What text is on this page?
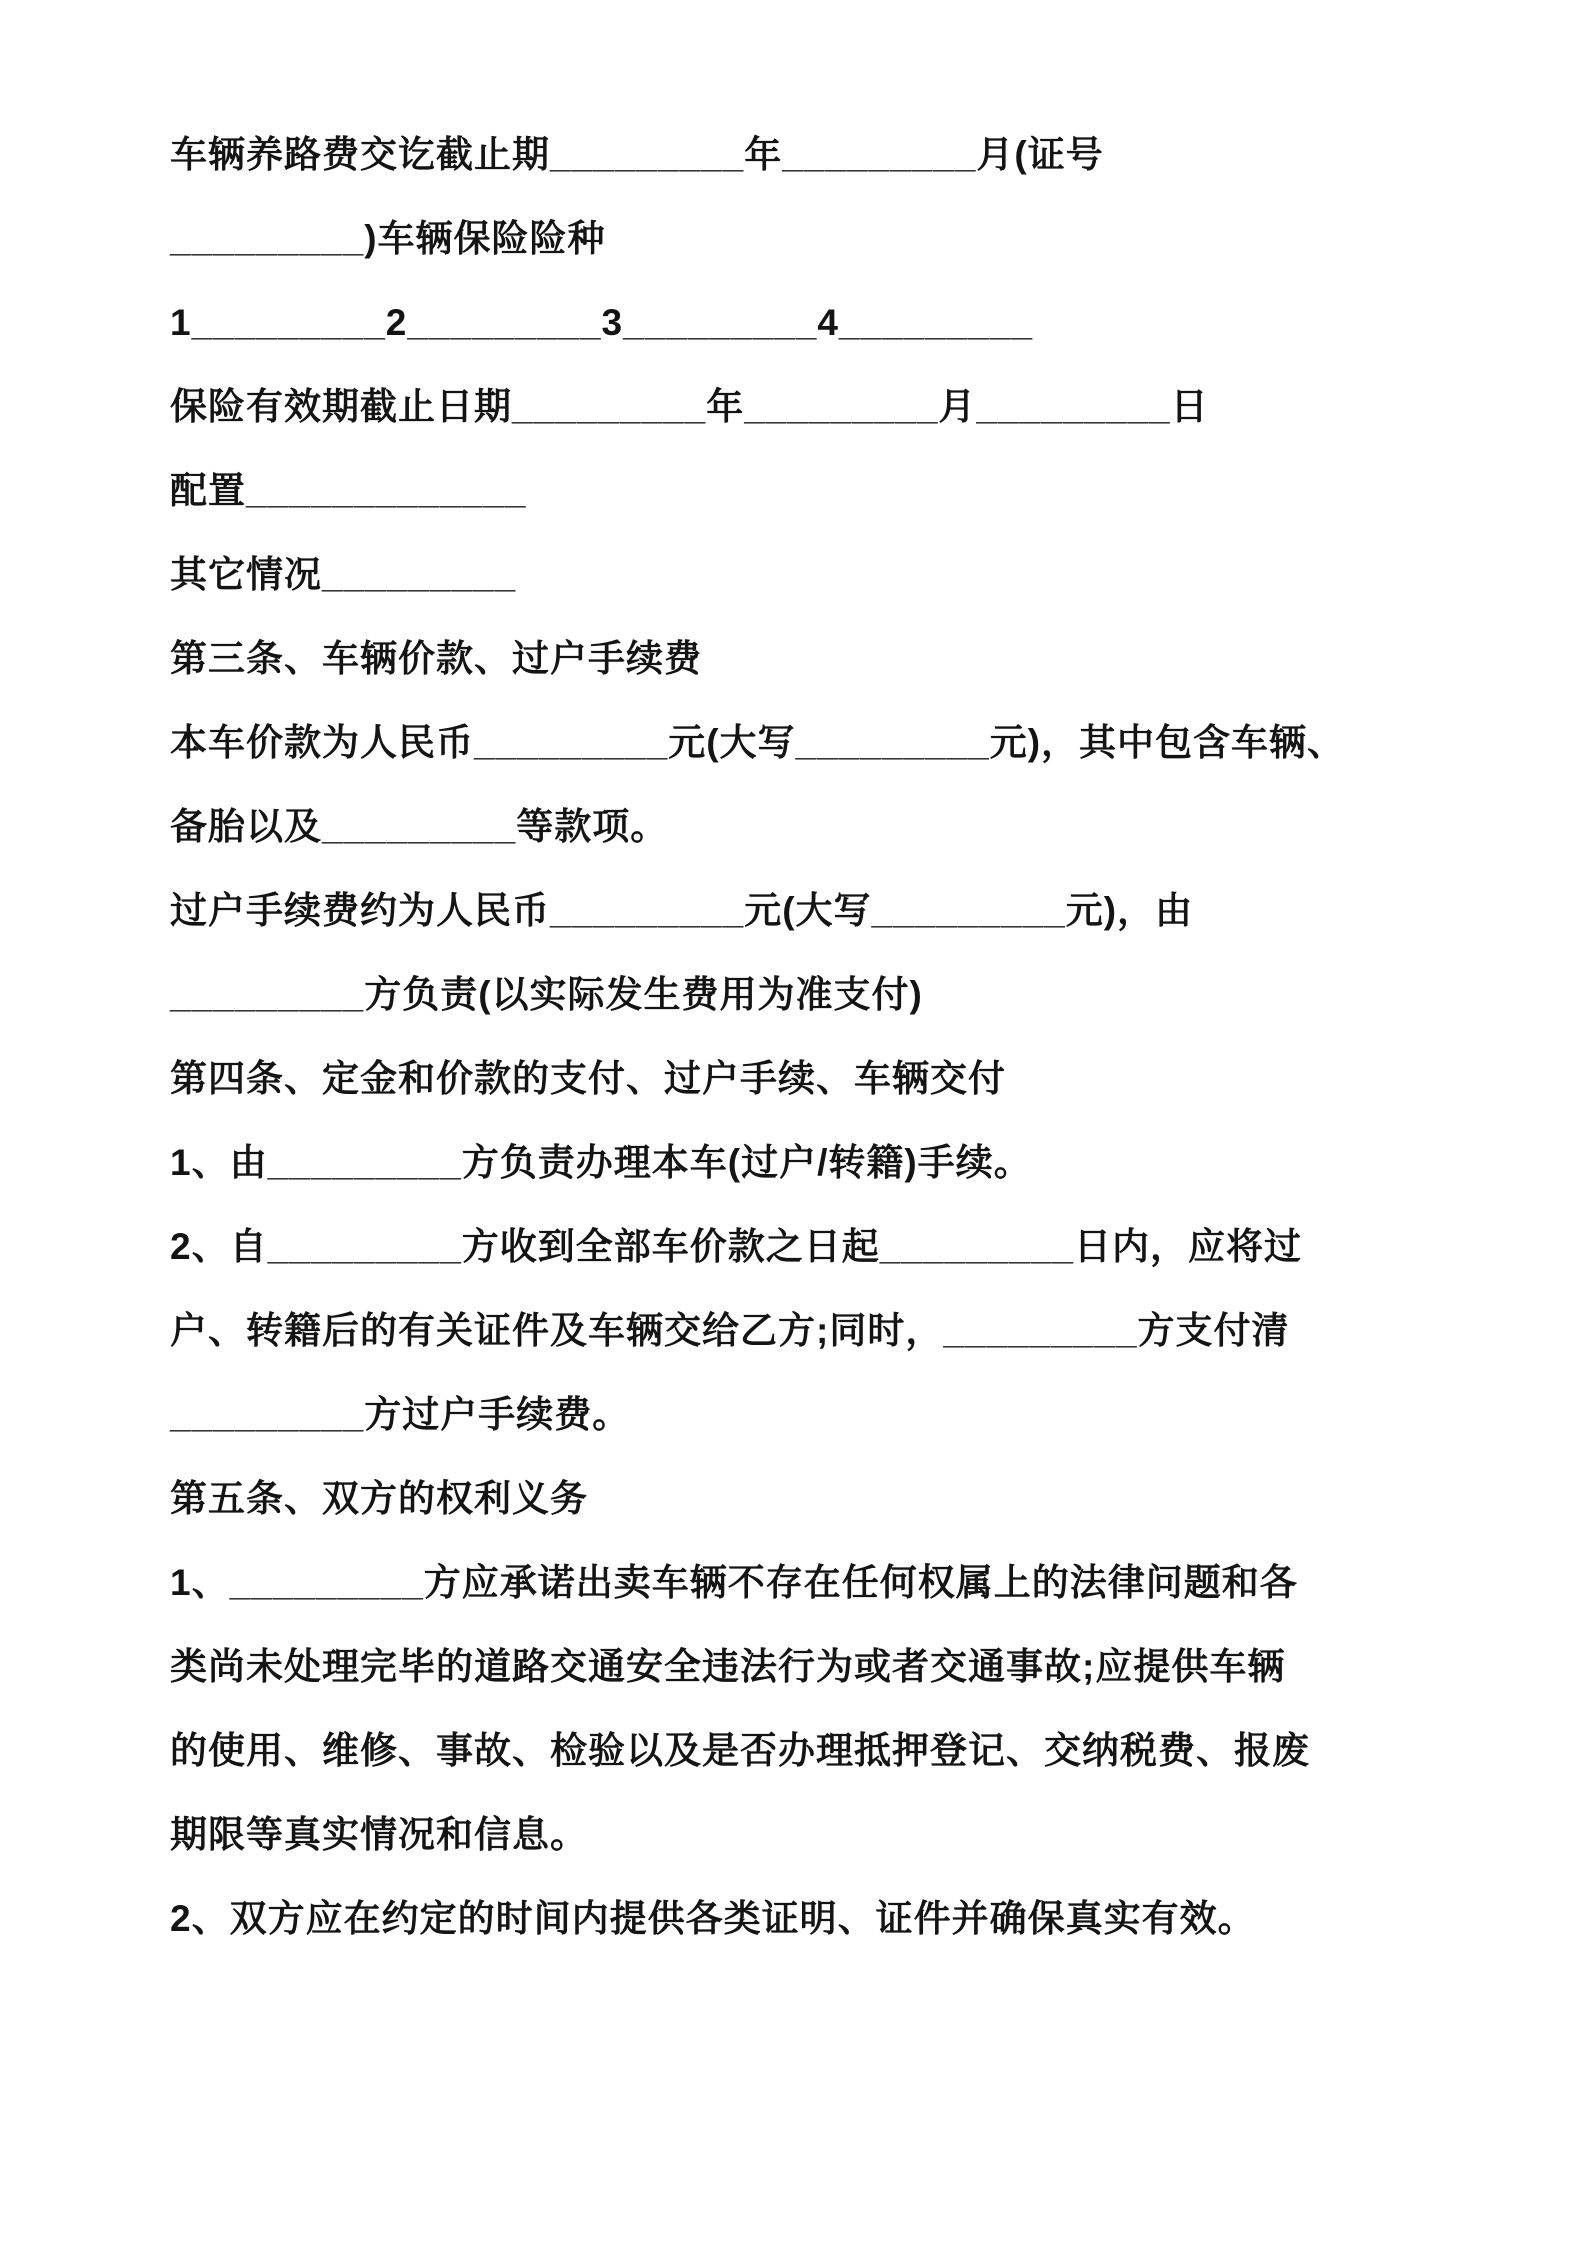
车辆养路费交讫截止期_________年_________月(证号

_________)车辆保险险种

1_________2_________3_________4_________

保险有效期截止日期_________年_________月_________日

配置_____________

其它情况_________

第三条、车辆价款、过户手续费

本车价款为人民币_________元(大写_________元)，其中包含车辆、

备胎以及_________等款项。

过户手续费约为人民币_________元(大写_________元)，由

_________方负责(以实际发生费用为准支付)

第四条、定金和价款的支付、过户手续、车辆交付

1、由_________方负责办理本车(过户/转籍)手续。

2、自_________方收到全部车价款之日起_________日内，应将过

户、转籍后的有关证件及车辆交给乙方;同时，_________方支付清

_________方过户手续费。

第五条、双方的权利义务

1、_________方应承诺出卖车辆不存在任何权属上的法律问题和各

类尚未处理完毕的道路交通安全违法行为或者交通事故;应提供车辆

的使用、维修、事故、检验以及是否办理抵押登记、交纳税费、报废

期限等真实情况和信息。

2、双方应在约定的时间内提供各类证明、证件并确保真实有效。
